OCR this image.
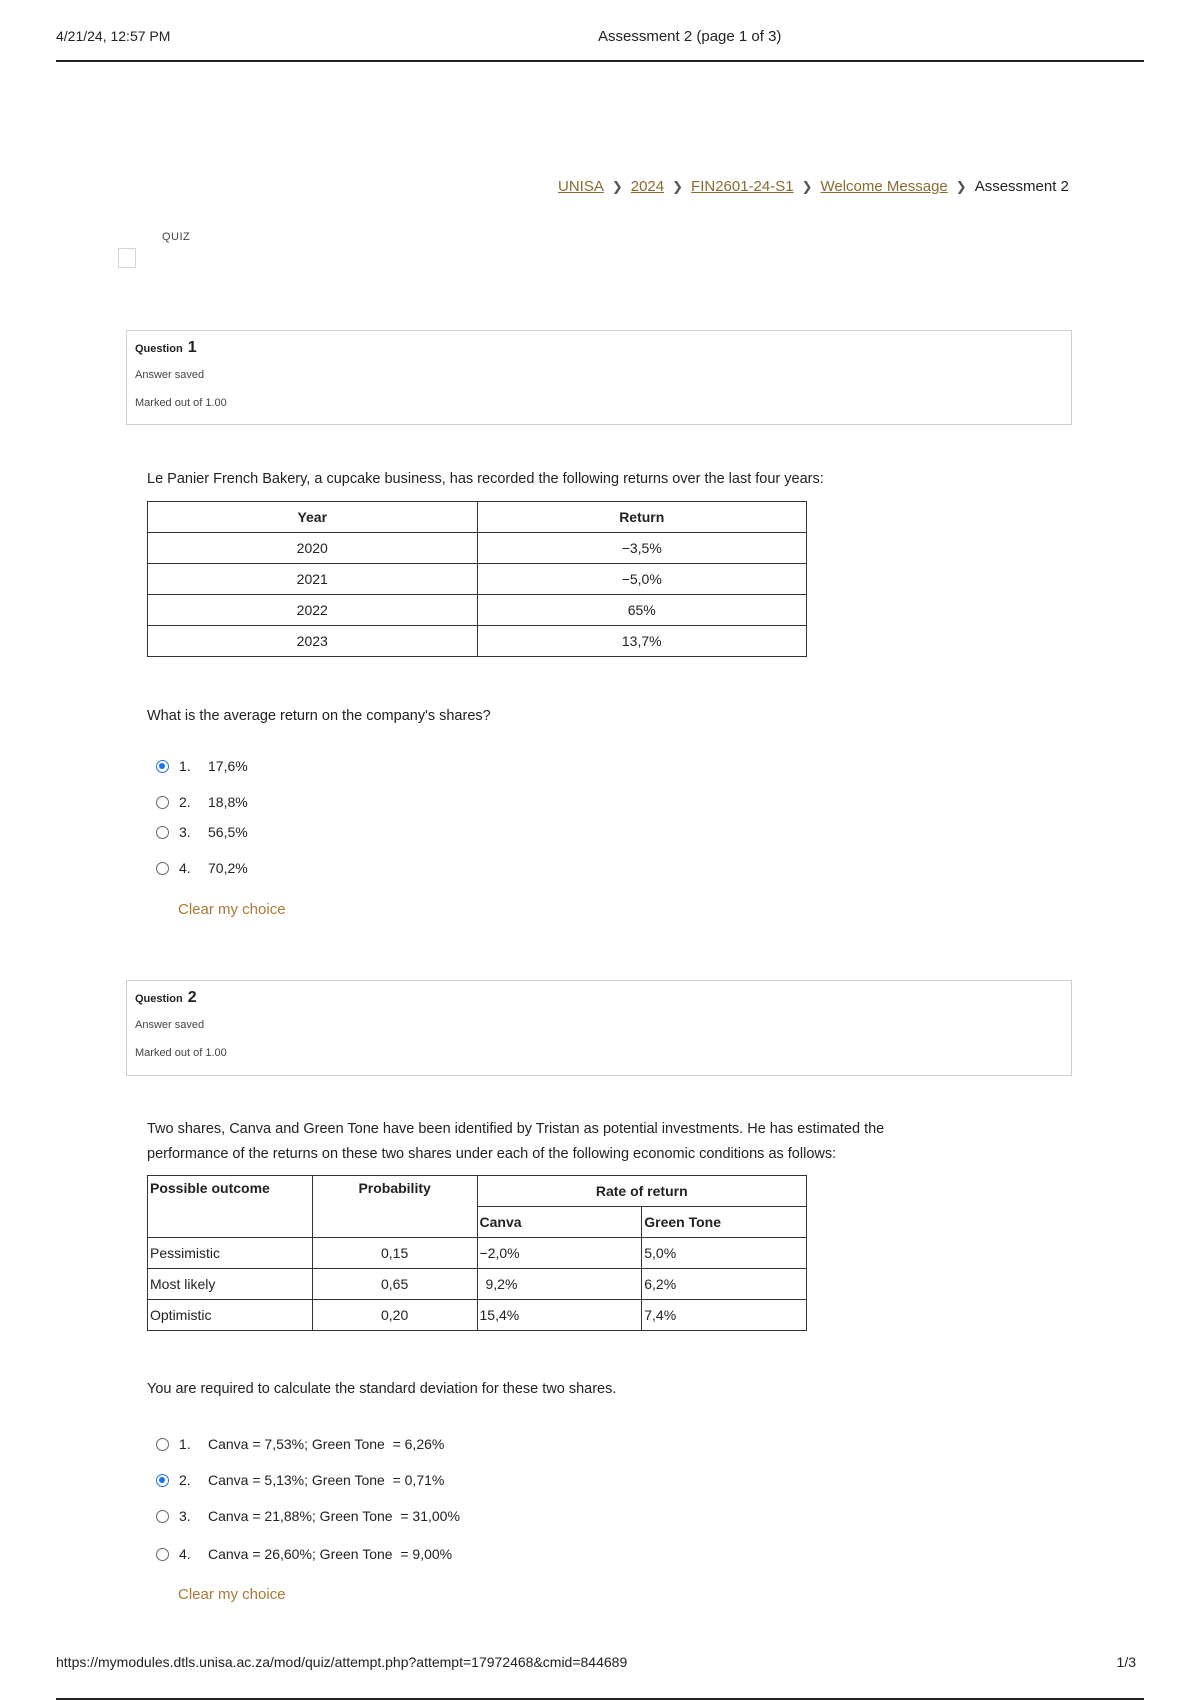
4/21/24, 12:57 PM	Assessment 2 (page 1 of 3)
UNISA ❯ 2024 ❯ FIN2601-24-S1 ❯ Welcome Message ❯ Assessment 2
QUIZ
Question 1
Answer saved
Marked out of 1.00
Le Panier French Bakery, a cupcake business, has recorded the following returns over the last four years:
Year	Return
2020	−3,5%
2021	−5,0%
2022	65%
2023	13,7%
What is the average return on the company's shares?
1.	17,6%
2.	18,8%
3.	56,5%
4.	70,2%
Clear my choice
Question 2
Answer saved
Marked out of 1.00
Two shares, Canva and Green Tone have been identified by Tristan as potential investments. He has estimated the
performance of the returns on these two shares under each of the following economic conditions as follows:
Possible outcome	Probability	Rate of return	
		Canva	Green Tone
Pessimistic	0,15	−2,0%	5,0%
Most likely	0,65	9,2%	6,2%
Optimistic	0,20	15,4%	7,4%
You are required to calculate the standard deviation for these two shares.
1.	Canva = 7,53%; Green Tone  = 6,26%
2.	Canva = 5,13%; Green Tone  = 0,71%
3.	Canva = 21,88%; Green Tone  = 31,00%
4.	Canva = 26,60%; Green Tone  = 9,00%
Clear my choice
https://mymodules.dtls.unisa.ac.za/mod/quiz/attempt.php?attempt=17972468&cmid=844689	1/3
